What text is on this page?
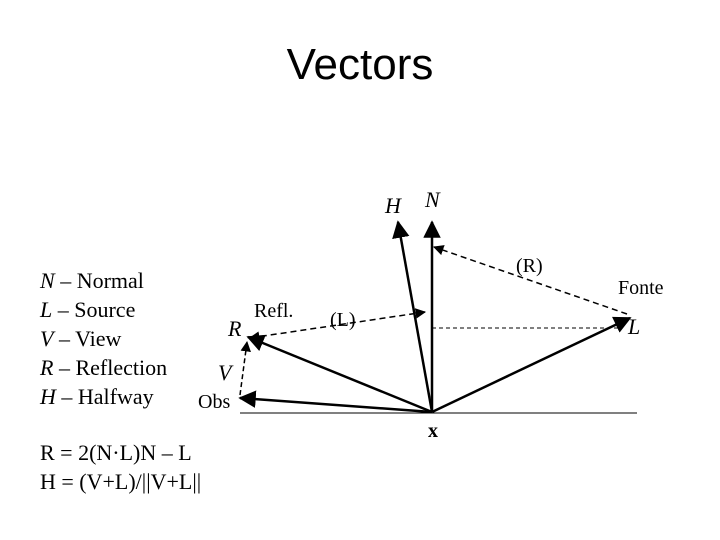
Vectors
N – Normal
L – Source
V – View
R – Reflection
H – Halfway
R = 2(N·L)N – L
H = (V+L)/||V+L||
H N
(R)
Fonte
L
Refl. (L)
R
V
Obs
x
